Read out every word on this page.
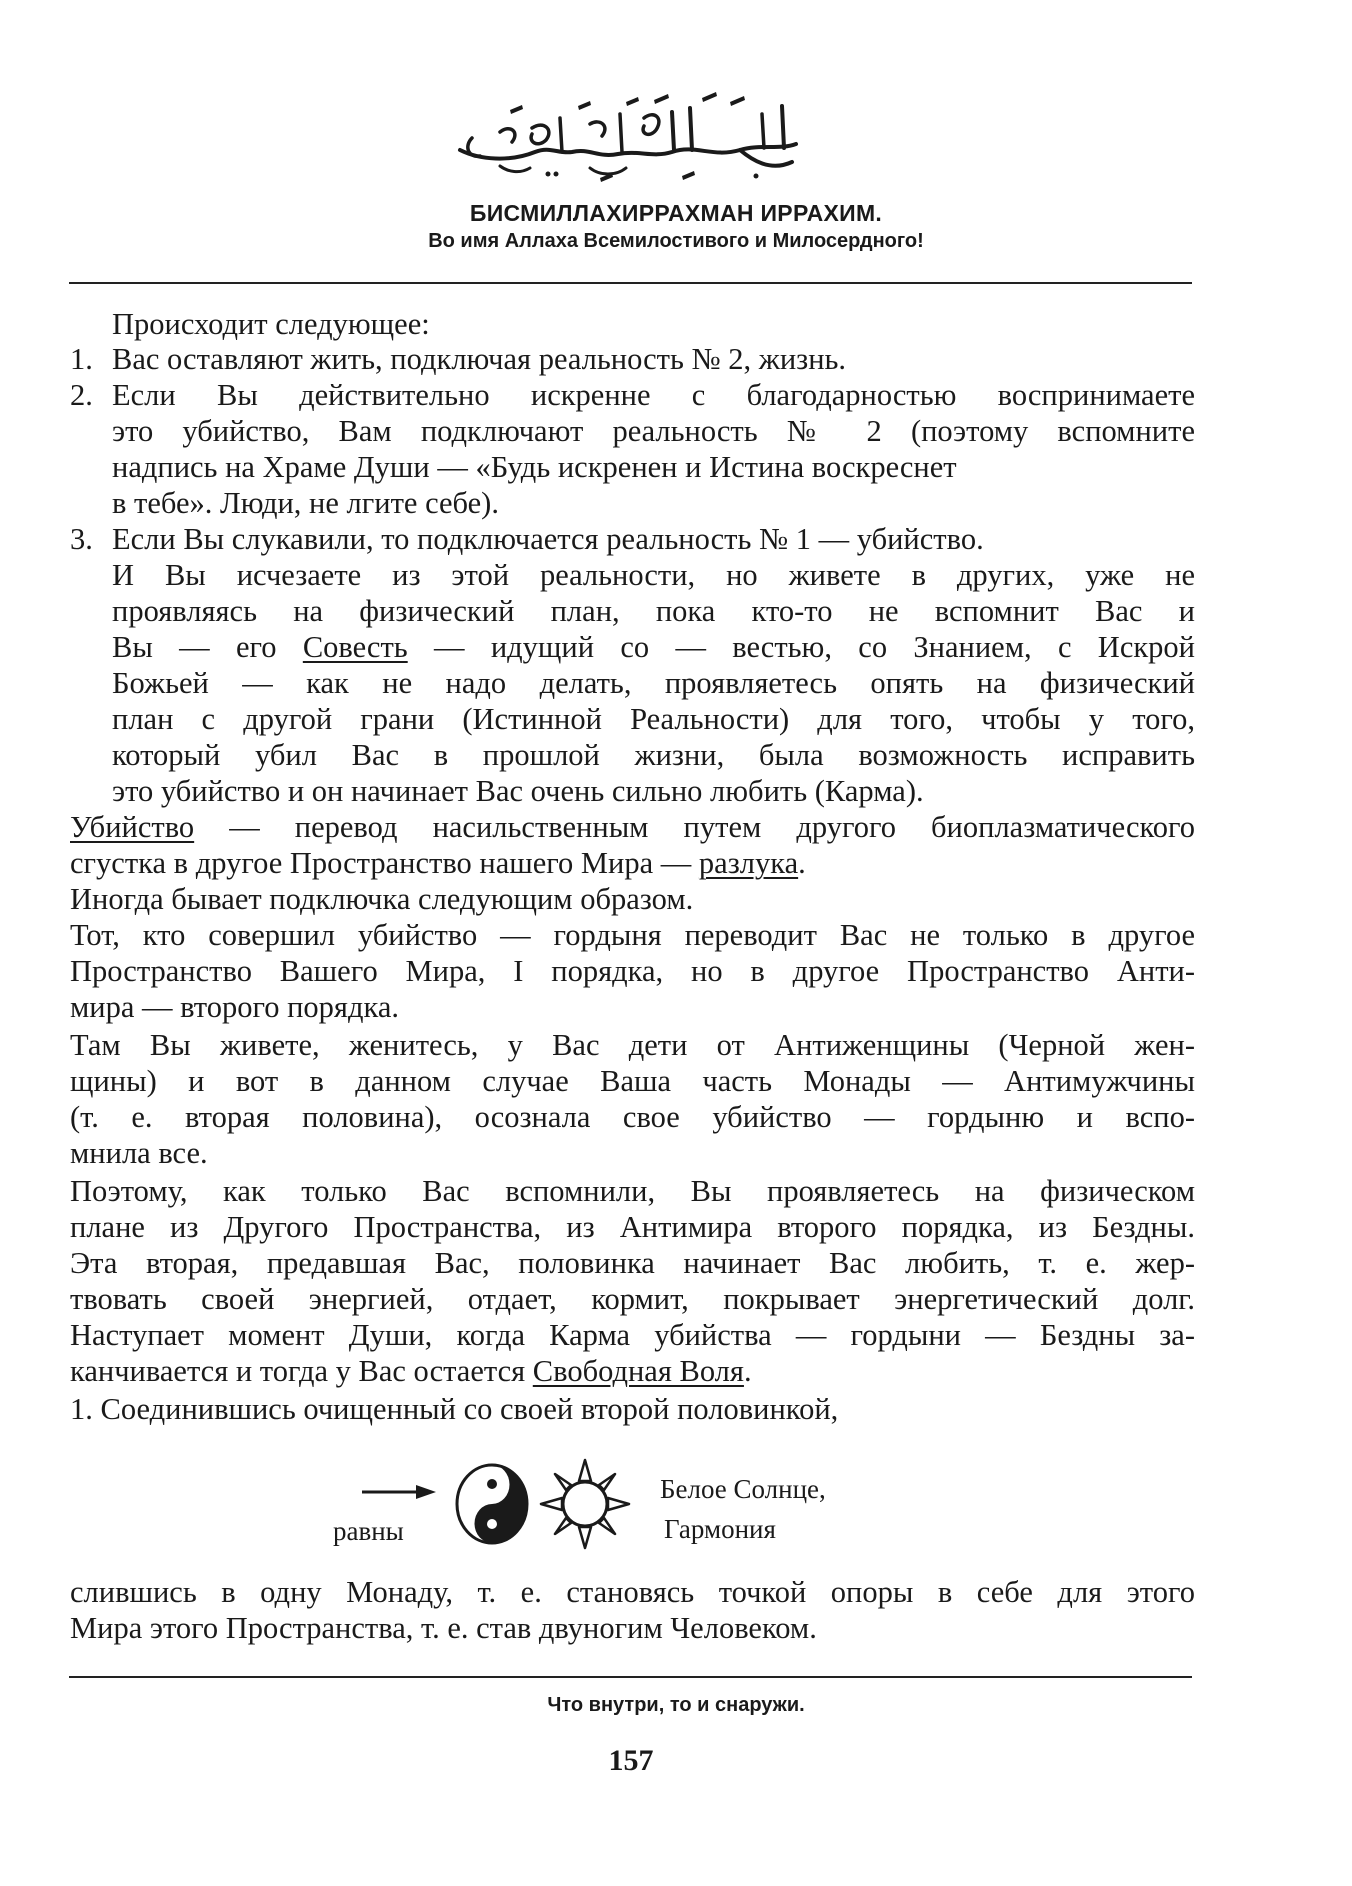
БИСМИЛЛАХИРРАХМАН ИРРАХИМ.
Во имя Аллаха Всемилостивого и Милосердного!
Происходит следующее:
1. Вас оставляют жить, подключая реальность № 2, жизнь.
2. Если Вы действительно искренне с благодарностью воспринимаете
это убийство, Вам подключают реальность № 2 (поэтому вспомните
надпись на Храме Души — «Будь искренен и Истина воскреснет
в тебе». Люди, не лгите себе).
3. Если Вы слукавили, то подключается реальность № 1 — убийство.
И Вы исчезаете из этой реальности, но живете в других, уже не
проявляясь на физический план, пока кто-то не вспомнит Вас и
Вы — его Совесть — идущий со — вестью, со Знанием, с Искрой
Божьей — как не надо делать, проявляетесь опять на физический
план с другой грани (Истинной Реальности) для того, чтобы у того,
который убил Вас в прошлой жизни, была возможность исправить
это убийство и он начинает Вас очень сильно любить (Карма).
Убийство — перевод насильственным путем другого биоплазматического
сгустка в другое Пространство нашего Мира — разлука.
Иногда бывает подключка следующим образом.
Тот, кто совершил убийство — гордыня переводит Вас не только в другое
Пространство Вашего Мира, I порядка, но в другое Пространство Анти-
мира — второго порядка.
Там Вы живете, женитесь, у Вас дети от Антиженщины (Черной жен-
щины) и вот в данном случае Ваша часть Монады — Антимужчины
(т. е. вторая половина), осознала свое убийство — гордыню и вспо-
мнила все.
Поэтому, как только Вас вспомнили, Вы проявляетесь на физическом
плане из Другого Пространства, из Антимира второго порядка, из Бездны.
Эта вторая, предавшая Вас, половинка начинает Вас любить, т. е. жер-
твовать своей энергией, отдает, кормит, покрывает энергетический долг.
Наступает момент Души, когда Карма убийства — гордыни — Бездны за-
канчивается и тогда у Вас остается Свободная Воля.
1. Соединившись очищенный со своей второй половинкой,
равны
Белое Солнце,
Гармония
слившись в одну Монаду, т. е. становясь точкой опоры в себе для этого
Мира этого Пространства, т. е. став двуногим Человеком.
Что внутри, то и снаружи.
157
